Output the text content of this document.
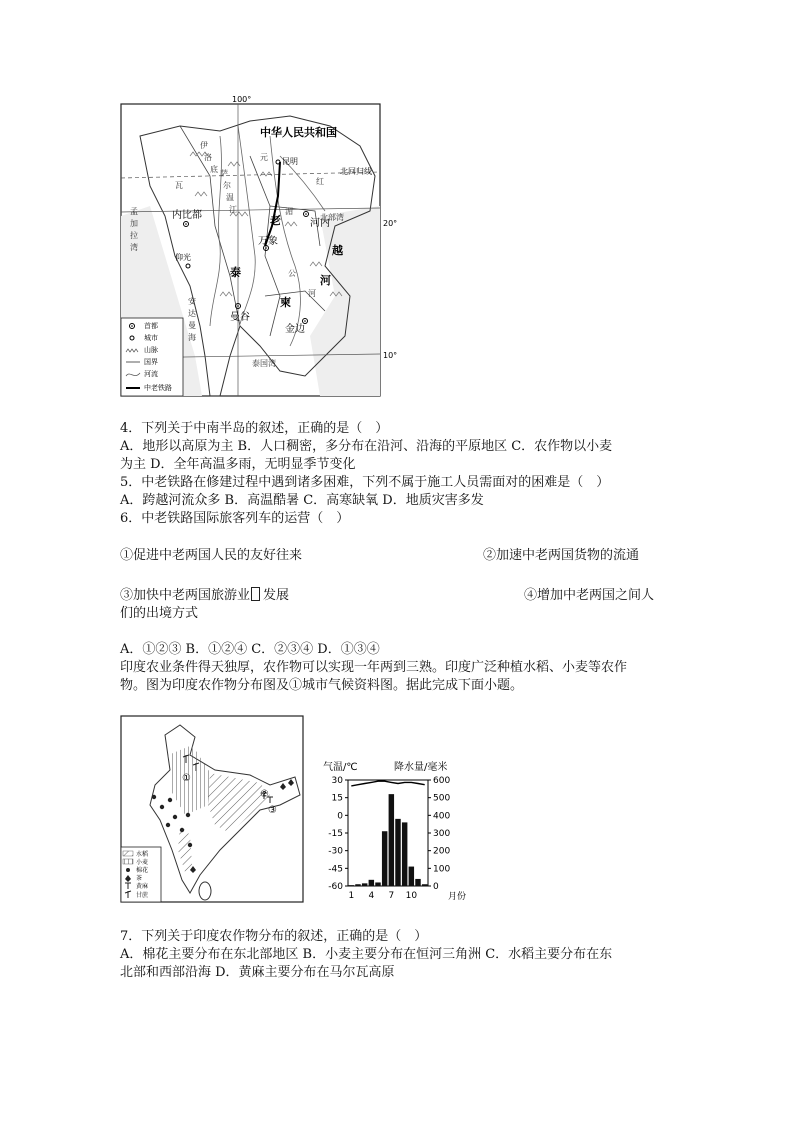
100°
20°
10°
中华人民共和国
北回归线
昆明
内比都
河内
万象
曼谷
金边
仰光
伊
洛
瓦
底 萨
尔
温
江
元
红
湄
公
河
北部湾
泰国湾
孟
加
拉
湾
安
达
曼
海
老
越
柬
河
泰
首都
城市
山脉
国界
河流
中老铁路
4．下列关于中南半岛的叙述，正确的是（　）
A．地形以高原为主 B．人口稠密，多分布在沿河、沿海的平原地区 C．农作物以小麦
为主 D．全年高温多雨，无明显季节变化
5．中老铁路在修建过程中遇到诸多困难，下列不属于施工人员需面对的困难是（　）
A．跨越河流众多 B．高温酷暑 C．高寒缺氧 D．地质灾害多发
6．中老铁路国际旅客列车的运营（　）
①促进中老两国人民的友好往来	②加速中老两国货物的流通
③加快中老两国旅游业 发展	④增加中老两国之间人
们的出境方式
A．①②③ B．①②④ C．②③④ D．①③④
印度农业条件得天独厚，农作物可以实现一年两到三熟。印度广泛种植水稻、小麦等农作
物。图为印度农作物分布图及①城市气候资料图。据此完成下面小题。
①
②
③
水稻
小麦
棉花
茶
黄麻
甘蔗
气温/℃	降水量/毫米
30	600
15	500
0	400
-15	300
-30	200
-45	100
-60	0
1 4 7 10	月份
7．下列关于印度农作物分布的叙述，正确的是（　）
A．棉花主要分布在东北部地区 B．小麦主要分布在恒河三角洲 C．水稻主要分布在东
北部和西部沿海 D．黄麻主要分布在马尔瓦高原
